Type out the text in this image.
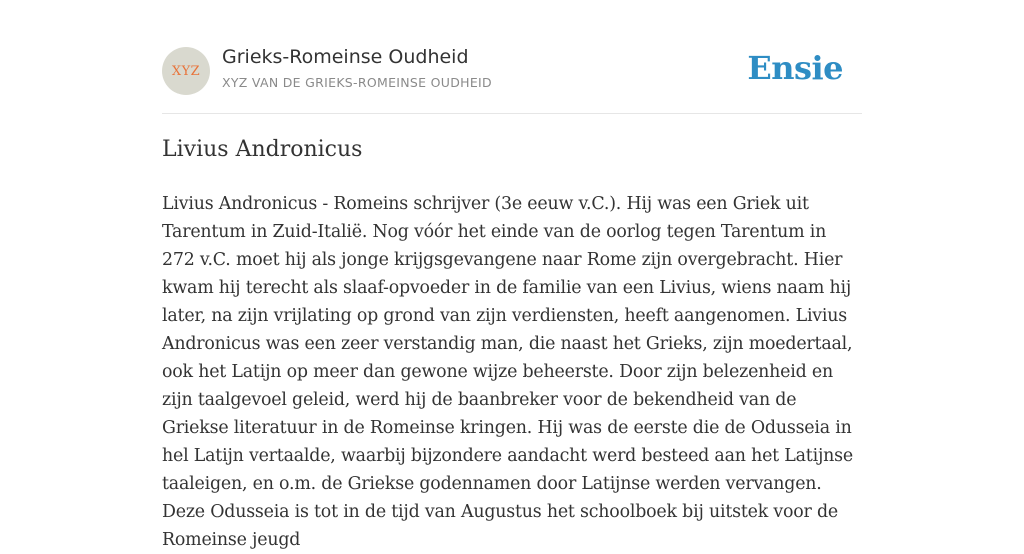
XYZ
Grieks-Romeinse Oudheid
XYZ VAN DE GRIEKS-ROMEINSE OUDHEID	Ensie
Livius Andronicus

Livius Andronicus - Romeins schrijver (3e eeuw v.C.). Hij was een Griek uit Tarentum in Zuid-Italië. Nog vóór het einde van de oorlog tegen Tarentum in 272 v.C. moet hij als jonge krijgsgevangene naar Rome zijn overgebracht. Hier kwam hij terecht als slaaf-opvoeder in de familie van een Livius, wiens naam hij later, na zijn vrijlating op grond van zijn verdiensten, heeft aangenomen. Livius Andronicus was een zeer verstandig man, die naast het Grieks, zijn moedertaal, ook het Latijn op meer dan gewone wijze beheerste. Door zijn belezenheid en zijn taalgevoel geleid, werd hij de baanbreker voor de bekendheid van de Griekse literatuur in de Romeinse kringen. Hij was de eerste die de Odusseia in hel Latijn vertaalde, waarbij bijzondere aandacht werd besteed aan het Latijnse taaleigen, en o.m. de Griekse godennamen door Latijnse werden vervangen. Deze Odusseia is tot in de tijd van Augustus het schoolboek bij uitstek voor de Romeinse jeugd
